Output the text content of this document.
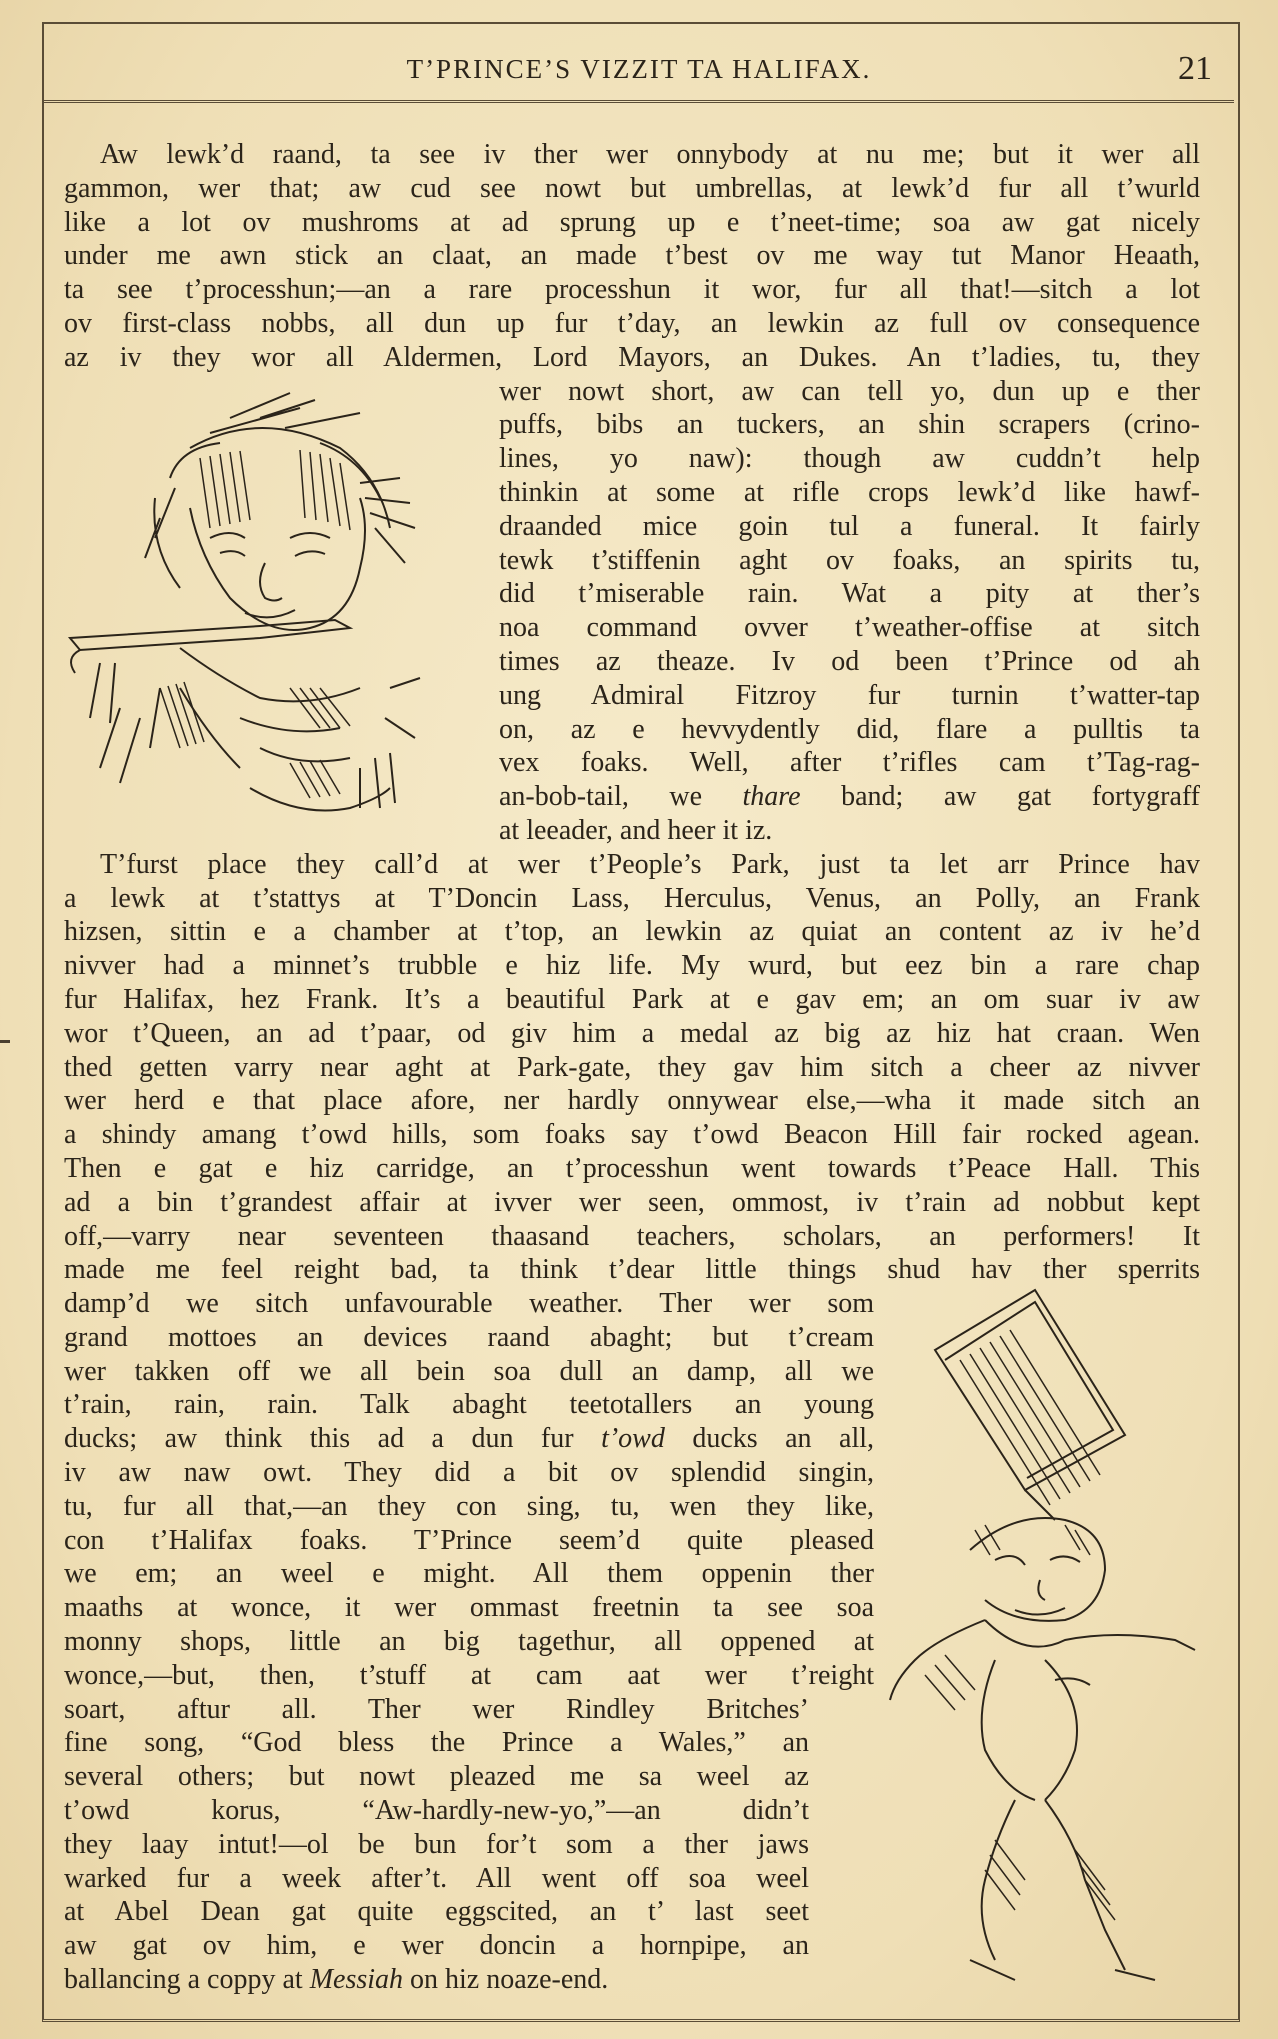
T’PRINCE’S VIZZIT TA HALIFAX.	21
Aw lewk’d raand, ta see iv ther wer onnybody at nu me; but it wer all
gammon, wer that; aw cud see nowt but umbrellas, at lewk’d fur all t’wurld
like a lot ov mushroms at ad sprung up e t’neet-time; soa aw gat nicely
under me awn stick an claat, an made t’best ov me way tut Manor Heaath,
ta see t’processhun;—an a rare processhun it wor, fur all that!—sitch a lot
ov first-class nobbs, all dun up fur t’day, an lewkin az full ov consequence
az iv they wor all Aldermen, Lord Mayors, an Dukes. An t’ladies, tu, they
wer nowt short, aw can tell yo, dun up e ther
puffs, bibs an tuckers, an shin scrapers (crino-
lines, yo naw): though aw cuddn’t help
thinkin at some at rifle crops lewk’d like hawf-
draanded mice goin tul a funeral. It fairly
tewk t’stiffenin aght ov foaks, an spirits tu,
did t’miserable rain. Wat a pity at ther’s
noa command ovver t’weather-offise at sitch
times az theaze. Iv od been t’Prince od ah
ung Admiral Fitzroy fur turnin t’watter-tap
on, az e hevvydently did, flare a pulltis ta
vex foaks. Well, after t’rifles cam t’Tag-rag-
an-bob-tail, we thare band; aw gat fortygraff
at leeader, and heer it iz.
T’furst place they call’d at wer t’People’s Park, just ta let arr Prince hav
a lewk at t’stattys at T’Doncin Lass, Herculus, Venus, an Polly, an Frank
hizsen, sittin e a chamber at t’top, an lewkin az quiat an content az iv he’d
nivver had a minnet’s trubble e hiz life. My wurd, but eez bin a rare chap
fur Halifax, hez Frank. It’s a beautiful Park at e gav em; an om suar iv aw
wor t’Queen, an ad t’paar, od giv him a medal az big az hiz hat craan. Wen
thed getten varry near aght at Park-gate, they gav him sitch a cheer az nivver
wer herd e that place afore, ner hardly onnywear else,—wha it made sitch an
a shindy amang t’owd hills, som foaks say t’owd Beacon Hill fair rocked agean.
Then e gat e hiz carridge, an t’processhun went towards t’Peace Hall. This
ad a bin t’grandest affair at ivver wer seen, ommost, iv t’rain ad nobbut kept
off,—varry near seventeen thaasand teachers, scholars, an performers! It
made me feel reight bad, ta think t’dear little things shud hav ther sperrits
damp’d we sitch unfavourable weather. Ther wer som
grand mottoes an devices raand abaght; but t’cream
wer takken off we all bein soa dull an damp, all we
t’rain, rain, rain. Talk abaght teetotallers an young
ducks; aw think this ad a dun fur t’owd ducks an all,
iv aw naw owt. They did a bit ov splendid singin,
tu, fur all that,—an they con sing, tu, wen they like,
con t’Halifax foaks. T’Prince seem’d quite pleased
we em; an weel e might. All them oppenin ther
maaths at wonce, it wer ommast freetnin ta see soa
monny shops, little an big tagethur, all oppened at
wonce,—but, then, t’stuff at cam aat wer t’reight
soart, aftur all. Ther wer Rindley Britches’
fine song, “God bless the Prince a Wales,” an
several others; but nowt pleazed me sa weel az
t’owd korus, “Aw-hardly-new-yo,”—an didn’t
they laay intut!—ol be bun for’t som a ther jaws
warked fur a week after’t. All went off soa weel
at Abel Dean gat quite eggscited, an t’ last seet
aw gat ov him, e wer doncin a hornpipe, an
ballancing a coppy at Messiah on hiz noaze-end.
